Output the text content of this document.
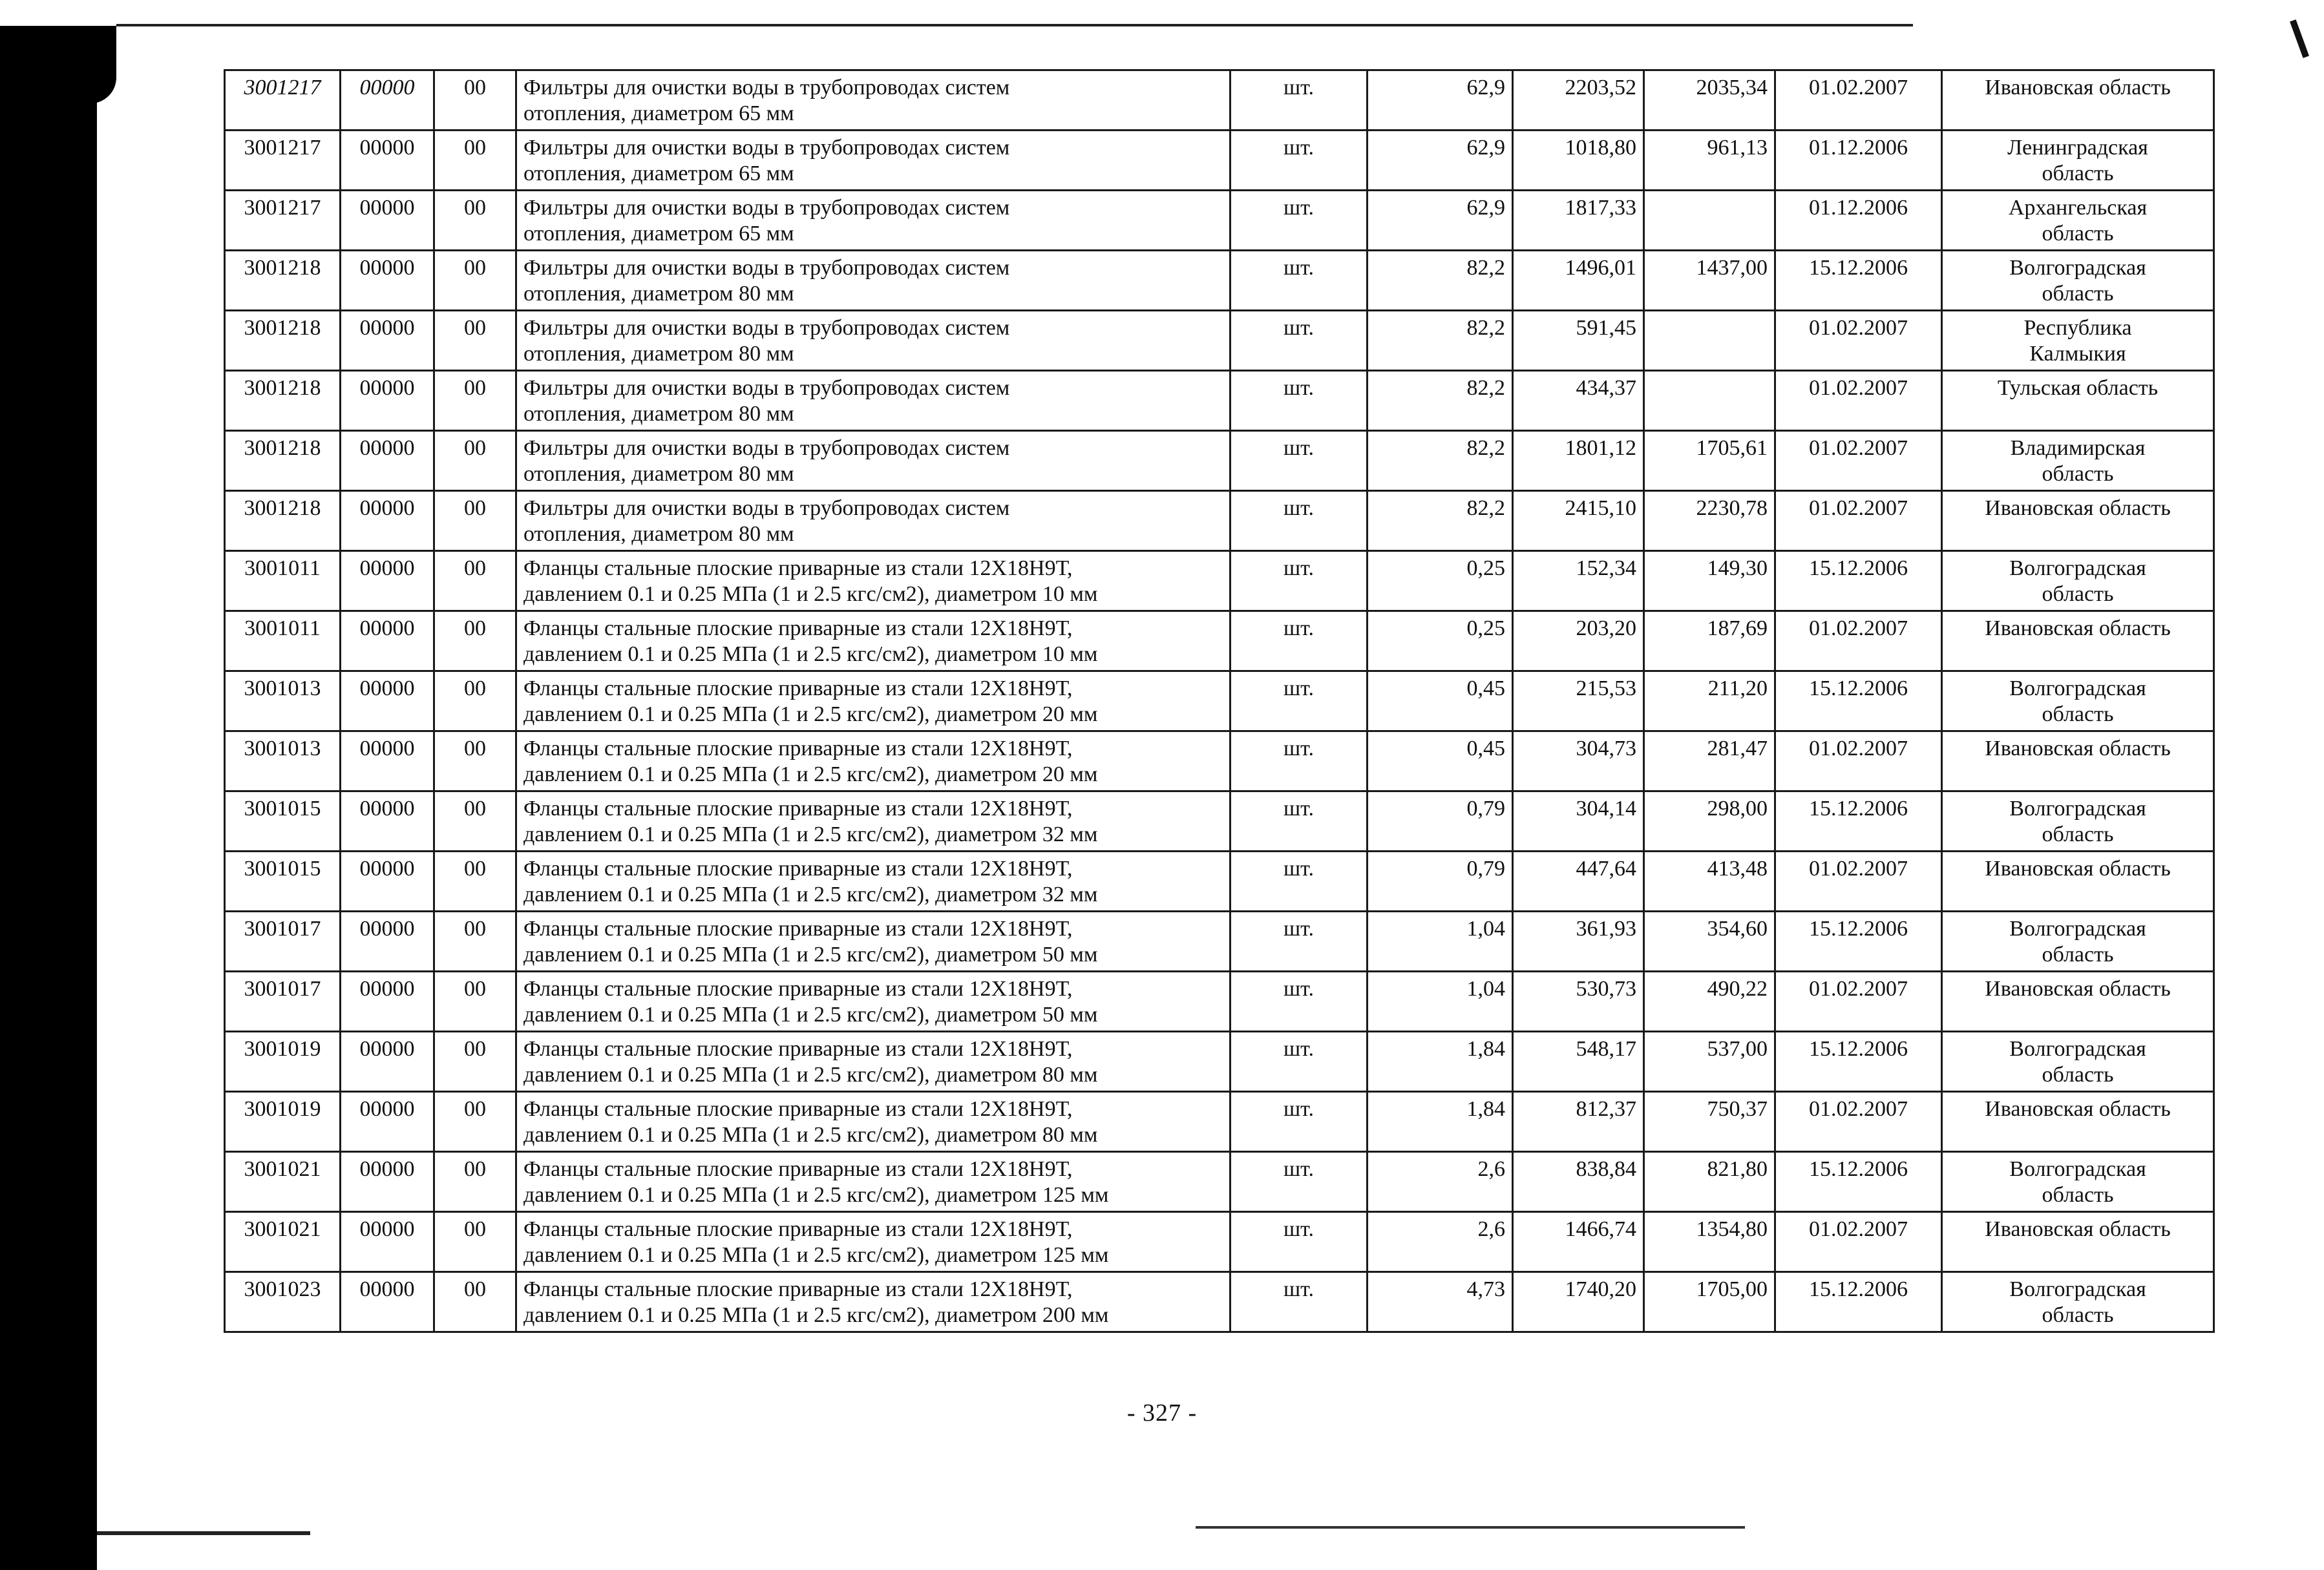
3001217	00000	00	Фильтры для очистки воды в трубопроводах систем
отопления, диаметром 65 мм	шт.	62,9	2203,52	2035,34	01.02.2007	Ивановская область

3001217	00000	00	Фильтры для очистки воды в трубопроводах систем
отопления, диаметром 65 мм	шт.	62,9	1018,80	961,13	01.12.2006	Ленинградская
область
3001217	00000	00	Фильтры для очистки воды в трубопроводах систем
отопления, диаметром 65 мм	шт.	62,9	1817,33		01.12.2006	Архангельская
область
3001218	00000	00	Фильтры для очистки воды в трубопроводах систем
отопления, диаметром 80 мм	шт.	82,2	1496,01	1437,00	15.12.2006	Волгоградская
область
3001218	00000	00	Фильтры для очистки воды в трубопроводах систем
отопления, диаметром 80 мм	шт.	82,2	591,45		01.02.2007	Республика
Калмыкия
3001218	00000	00	Фильтры для очистки воды в трубопроводах систем
отопления, диаметром 80 мм	шт.	82,2	434,37		01.02.2007	Тульская область

3001218	00000	00	Фильтры для очистки воды в трубопроводах систем
отопления, диаметром 80 мм	шт.	82,2	1801,12	1705,61	01.02.2007	Владимирская
область
3001218	00000	00	Фильтры для очистки воды в трубопроводах систем
отопления, диаметром 80 мм	шт.	82,2	2415,10	2230,78	01.02.2007	Ивановская область

3001011	00000	00	Фланцы стальные плоские приварные из стали 12Х18Н9Т,
давлением 0.1 и 0.25 МПа (1 и 2.5 кгс/см2), диаметром 10 мм	шт.	0,25	152,34	149,30	15.12.2006	Волгоградская
область
3001011	00000	00	Фланцы стальные плоские приварные из стали 12Х18Н9Т,
давлением 0.1 и 0.25 МПа (1 и 2.5 кгс/см2), диаметром 10 мм	шт.	0,25	203,20	187,69	01.02.2007	Ивановская область

3001013	00000	00	Фланцы стальные плоские приварные из стали 12Х18Н9Т,
давлением 0.1 и 0.25 МПа (1 и 2.5 кгс/см2), диаметром 20 мм	шт.	0,45	215,53	211,20	15.12.2006	Волгоградская
область
3001013	00000	00	Фланцы стальные плоские приварные из стали 12Х18Н9Т,
давлением 0.1 и 0.25 МПа (1 и 2.5 кгс/см2), диаметром 20 мм	шт.	0,45	304,73	281,47	01.02.2007	Ивановская область

3001015	00000	00	Фланцы стальные плоские приварные из стали 12Х18Н9Т,
давлением 0.1 и 0.25 МПа (1 и 2.5 кгс/см2), диаметром 32 мм	шт.	0,79	304,14	298,00	15.12.2006	Волгоградская
область
3001015	00000	00	Фланцы стальные плоские приварные из стали 12Х18Н9Т,
давлением 0.1 и 0.25 МПа (1 и 2.5 кгс/см2), диаметром 32 мм	шт.	0,79	447,64	413,48	01.02.2007	Ивановская область

3001017	00000	00	Фланцы стальные плоские приварные из стали 12Х18Н9Т,
давлением 0.1 и 0.25 МПа (1 и 2.5 кгс/см2), диаметром 50 мм	шт.	1,04	361,93	354,60	15.12.2006	Волгоградская
область
3001017	00000	00	Фланцы стальные плоские приварные из стали 12Х18Н9Т,
давлением 0.1 и 0.25 МПа (1 и 2.5 кгс/см2), диаметром 50 мм	шт.	1,04	530,73	490,22	01.02.2007	Ивановская область

3001019	00000	00	Фланцы стальные плоские приварные из стали 12Х18Н9Т,
давлением 0.1 и 0.25 МПа (1 и 2.5 кгс/см2), диаметром 80 мм	шт.	1,84	548,17	537,00	15.12.2006	Волгоградская
область
3001019	00000	00	Фланцы стальные плоские приварные из стали 12Х18Н9Т,
давлением 0.1 и 0.25 МПа (1 и 2.5 кгс/см2), диаметром 80 мм	шт.	1,84	812,37	750,37	01.02.2007	Ивановская область

3001021	00000	00	Фланцы стальные плоские приварные из стали 12Х18Н9Т,
давлением 0.1 и 0.25 МПа (1 и 2.5 кгс/см2), диаметром 125 мм	шт.	2,6	838,84	821,80	15.12.2006	Волгоградская
область
3001021	00000	00	Фланцы стальные плоские приварные из стали 12Х18Н9Т,
давлением 0.1 и 0.25 МПа (1 и 2.5 кгс/см2), диаметром 125 мм	шт.	2,6	1466,74	1354,80	01.02.2007	Ивановская область

3001023	00000	00	Фланцы стальные плоские приварные из стали 12Х18Н9Т,
давлением 0.1 и 0.25 МПа (1 и 2.5 кгс/см2), диаметром 200 мм	шт.	4,73	1740,20	1705,00	15.12.2006	Волгоградская
область
- 327 -
